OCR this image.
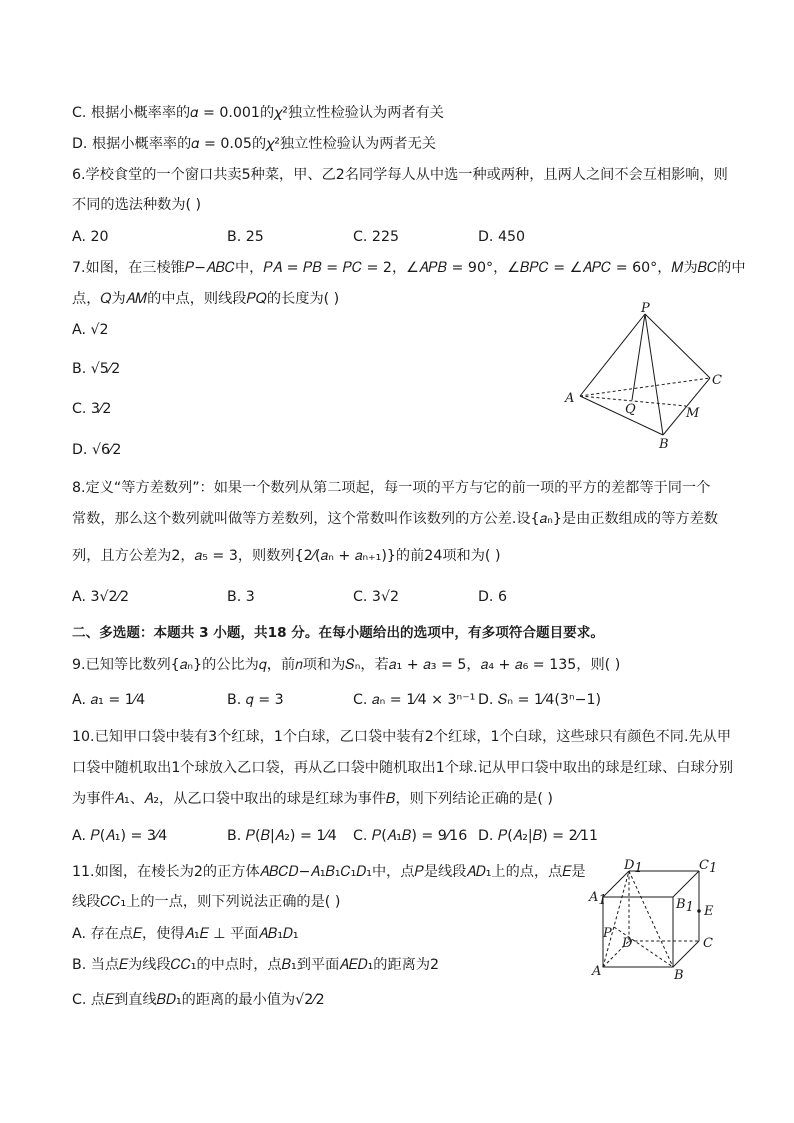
C. 根据小概率率的𝛼 = 0.001的𝜒²独立性检验认为两者有关
D. 根据小概率率的𝛼 = 0.05的𝜒²独立性检验认为两者无关
6.学校食堂的一个窗口共卖5种菜，甲、乙2名同学每人从中选一种或两种，且两人之间不会互相影响，则
不同的选法种数为( )
A. 20	B. 25	C. 225	D. 450
7.如图，在三棱锥𝑃−𝐴𝐵𝐶中，𝑃𝐴 = 𝑃𝐵 = 𝑃𝐶 = 2，∠𝐴𝑃𝐵 = 90°，∠𝐵𝑃𝐶 = ∠𝐴𝑃𝐶 = 60°，𝑀为𝐵𝐶的中
点，𝑄为𝐴𝑀的中点，则线段𝑃𝑄的长度为( )
A. √2
B. √5⁄2
C. 3⁄2
D. √6⁄2
P
A
B
C
Q	M
8.定义“等方差数列”：如果一个数列从第二项起，每一项的平方与它的前一项的平方的差都等于同一个
常数，那么这个数列就叫做等方差数列，这个常数叫作该数列的方公差.设{𝑎ₙ}是由正数组成的等方差数
列，且方公差为2，𝑎₅ = 3，则数列{2⁄(𝑎ₙ + 𝑎ₙ₊₁)}的前24项和为( )
A. 3√2⁄2	B. 3	C. 3√2	D. 6
二、多选题：本题共 3 小题，共18 分。在每小题给出的选项中，有多项符合题目要求。
9.已知等比数列{𝑎ₙ}的公比为𝑞，前𝑛项和为𝑆ₙ，若𝑎₁ + 𝑎₃ = 5，𝑎₄ + 𝑎₆ = 135，则( )
A. 𝑎₁ = 1⁄4	B. 𝑞 = 3	C. 𝑎ₙ = 1⁄4 × 3ⁿ⁻¹ D. 𝑆ₙ = 1⁄4(3ⁿ−1)
10.已知甲口袋中装有3个红球，1个白球，乙口袋中装有2个红球，1个白球，这些球只有颜色不同.先从甲
口袋中随机取出1个球放入乙口袋，再从乙口袋中随机取出1个球.记从甲口袋中取出的球是红球、白球分别
为事件𝐴₁、𝐴₂，从乙口袋中取出的球是红球为事件𝐵，则下列结论正确的是( )
A. 𝑃(𝐴₁) = 3⁄4	B. 𝑃(𝐵|𝐴₂) = 1⁄4 C. 𝑃(𝐴₁𝐵) = 9⁄16 D. 𝑃(𝐴₂|𝐵) = 2⁄11
11.如图，在棱长为2的正方体𝐴𝐵𝐶𝐷−𝐴₁𝐵₁𝐶₁𝐷₁中，点𝑃是线段𝐴𝐷₁上的点，点𝐸是
线段𝐶𝐶₁上的一点，则下列说法正确的是( )
A. 存在点𝐸，使得𝐴₁𝐸 ⊥ 平面𝐴𝐵₁𝐷₁
B. 当点𝐸为线段𝐶𝐶₁的中点时，点𝐵₁到平面𝐴𝐸𝐷₁的距离为2
C. 点𝐸到直线𝐵𝐷₁的距离的最小值为√2⁄2
D1	C1
A1	B1 E
P
D	C
A	B
